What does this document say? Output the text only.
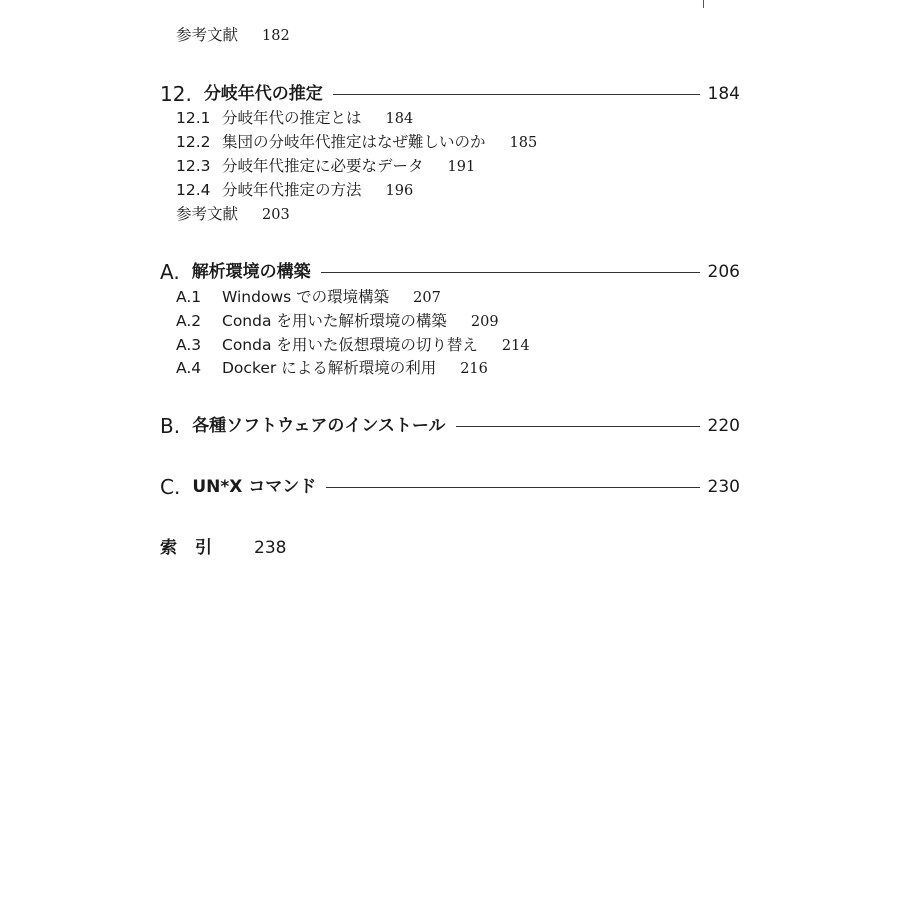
参考文献 182
12. 分岐年代の推定	184
12.1 分岐年代の推定とは 184
12.2 集団の分岐年代推定はなぜ難しいのか 185
12.3 分岐年代推定に必要なデータ 191
12.4 分岐年代推定の方法 196
参考文献 203
A. 解析環境の構築	206
A.1 Windows での環境構築 207
A.2 Conda を用いた解析環境の構築 209
A.3 Conda を用いた仮想環境の切り替え 214
A.4 Docker による解析環境の利用 216
B. 各種ソフトウェアのインストール	220
C. UN*X コマンド	230
索引 238
